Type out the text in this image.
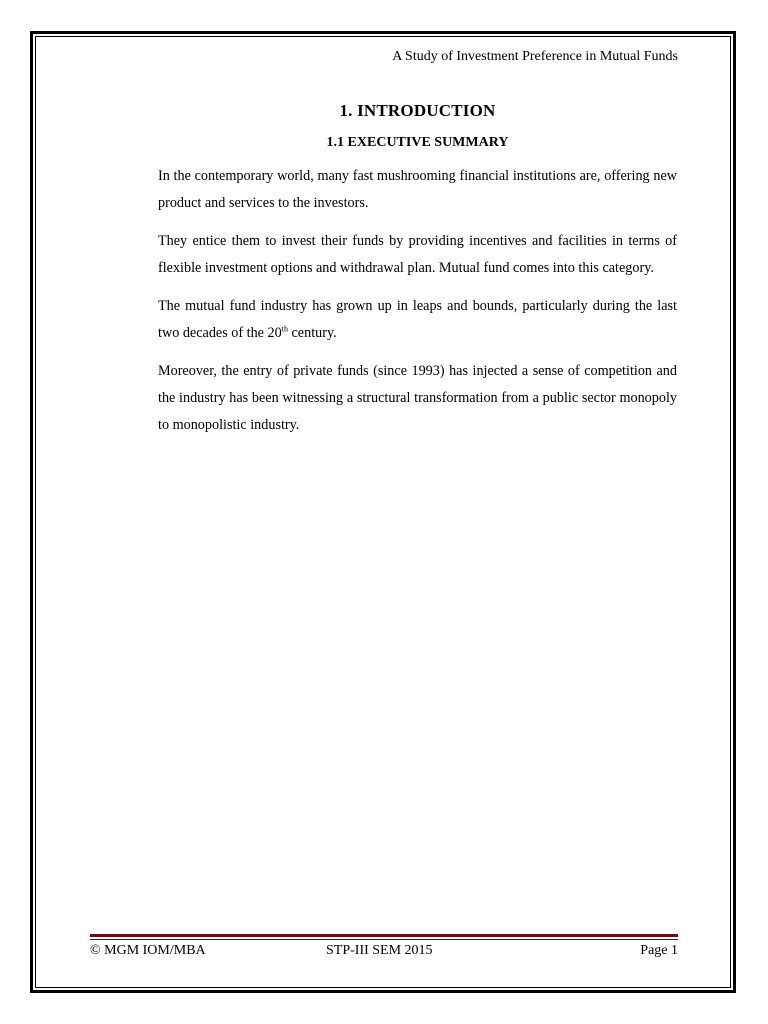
A Study of Investment Preference in Mutual Funds
1. INTRODUCTION
1.1 EXECUTIVE SUMMARY

In the contemporary world, many fast mushrooming financial institutions are, offering new product and services to the investors.

They entice them to invest their funds by providing incentives and facilities in terms of flexible investment options and withdrawal plan. Mutual fund comes into this category.

The mutual fund industry has grown up in leaps and bounds, particularly during the last two decades of the 20th century.

Moreover, the entry of private funds (since 1993) has injected a sense of competition and the industry has been witnessing a structural transformation from a public sector monopoly to monopolistic industry.

© MGM IOM/MBA	STP-III SEM 2015	Page 1
